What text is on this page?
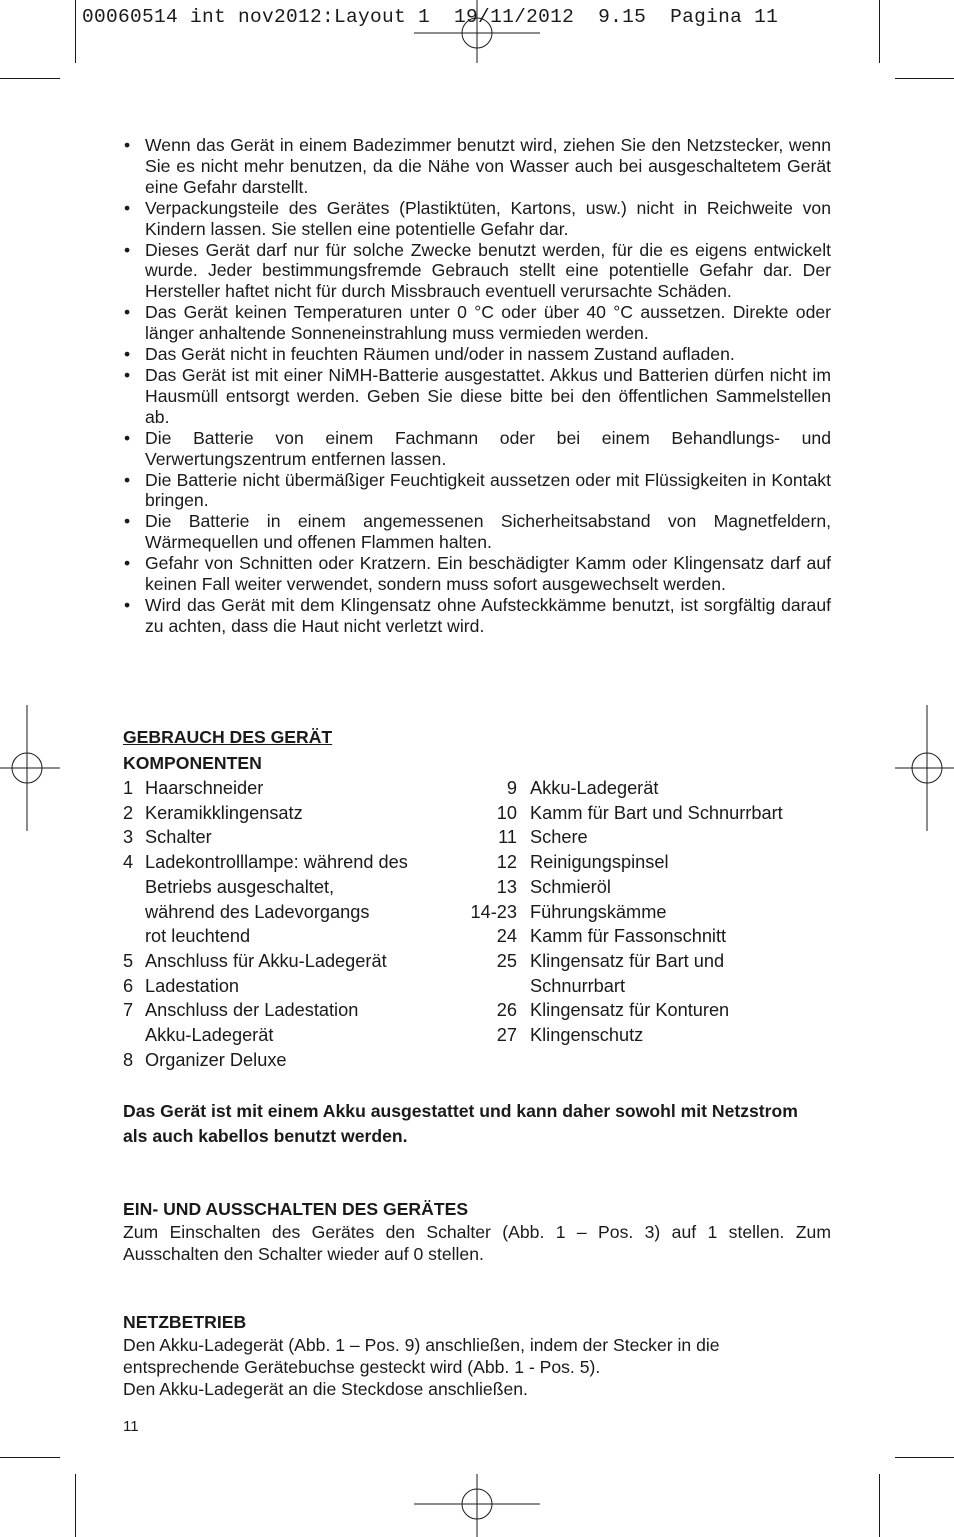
00060514 int nov2012:Layout 1  19/11/2012  9.15  Pagina 11
• Wenn das Gerät in einem Badezimmer benutzt wird, ziehen Sie den Netzstecker, wenn Sie es nicht mehr benutzen, da die Nähe von Wasser auch bei ausgeschaltetem Gerät eine Gefahr darstellt.
• Verpackungsteile des Gerätes (Plastiktüten, Kartons, usw.) nicht in Reichweite von Kindern lassen. Sie stellen eine potentielle Gefahr dar.
• Dieses Gerät darf nur für solche Zwecke benutzt werden, für die es eigens entwickelt wurde. Jeder bestimmungsfremde Gebrauch stellt eine potentielle Gefahr dar. Der Hersteller haftet nicht für durch Missbrauch eventuell verursachte Schäden.
• Das Gerät keinen Temperaturen unter 0 °C oder über 40 °C aussetzen. Direkte oder länger anhaltende Sonneneinstrahlung muss vermieden werden.
• Das Gerät nicht in feuchten Räumen und/oder in nassem Zustand aufladen.
• Das Gerät ist mit einer NiMH-Batterie ausgestattet. Akkus und Batterien dürfen nicht im Hausmüll entsorgt werden. Geben Sie diese bitte bei den öffentlichen Sammelstellen ab.
• Die Batterie von einem Fachmann oder bei einem Behandlungs- und Verwertungszentrum entfernen lassen.
• Die Batterie nicht übermäßiger Feuchtigkeit aussetzen oder mit Flüssigkeiten in Kontakt bringen.
• Die Batterie in einem angemessenen Sicherheitsabstand von Magnetfeldern, Wärmequellen und offenen Flammen halten.
• Gefahr von Schnitten oder Kratzern. Ein beschädigter Kamm oder Klingensatz darf auf keinen Fall weiter verwendet, sondern muss sofort ausgewechselt werden.
• Wird das Gerät mit dem Klingensatz ohne Aufsteckkämme benutzt, ist sorgfältig darauf zu achten, dass die Haut nicht verletzt wird.
GEBRAUCH DES GERÄT
KOMPONENTEN
1 Haarschneider
2 Keramikklingensatz
3 Schalter
4 Ladekontrolllampe: während des
Betriebs ausgeschaltet,
während des Ladevorgangs
rot leuchtend
5 Anschluss für Akku-Ladegerät
6 Ladestation
7 Anschluss der Ladestation
Akku-Ladegerät
8 Organizer Deluxe
9 Akku-Ladegerät
10 Kamm für Bart und Schnurrbart
11 Schere
12 Reinigungspinsel
13 Schmieröl
14-23 Führungskämme
24 Kamm für Fassonschnitt
25 Klingensatz für Bart und
Schnurrbart
26 Klingensatz für Konturen
27 Klingenschutz

Das Gerät ist mit einem Akku ausgestattet und kann daher sowohl mit Netzstrom als auch kabellos benutzt werden.

EIN- UND AUSSCHALTEN DES GERÄTES

Zum Einschalten des Gerätes den Schalter (Abb. 1 – Pos. 3) auf 1 stellen. Zum Ausschalten den Schalter wieder auf 0 stellen.

NETZBETRIEB
Den Akku-Ladegerät (Abb. 1 – Pos. 9) anschließen, indem der Stecker in die
entsprechende Gerätebuchse gesteckt wird (Abb. 1 - Pos. 5).
Den Akku-Ladegerät an die Steckdose anschließen.
11
